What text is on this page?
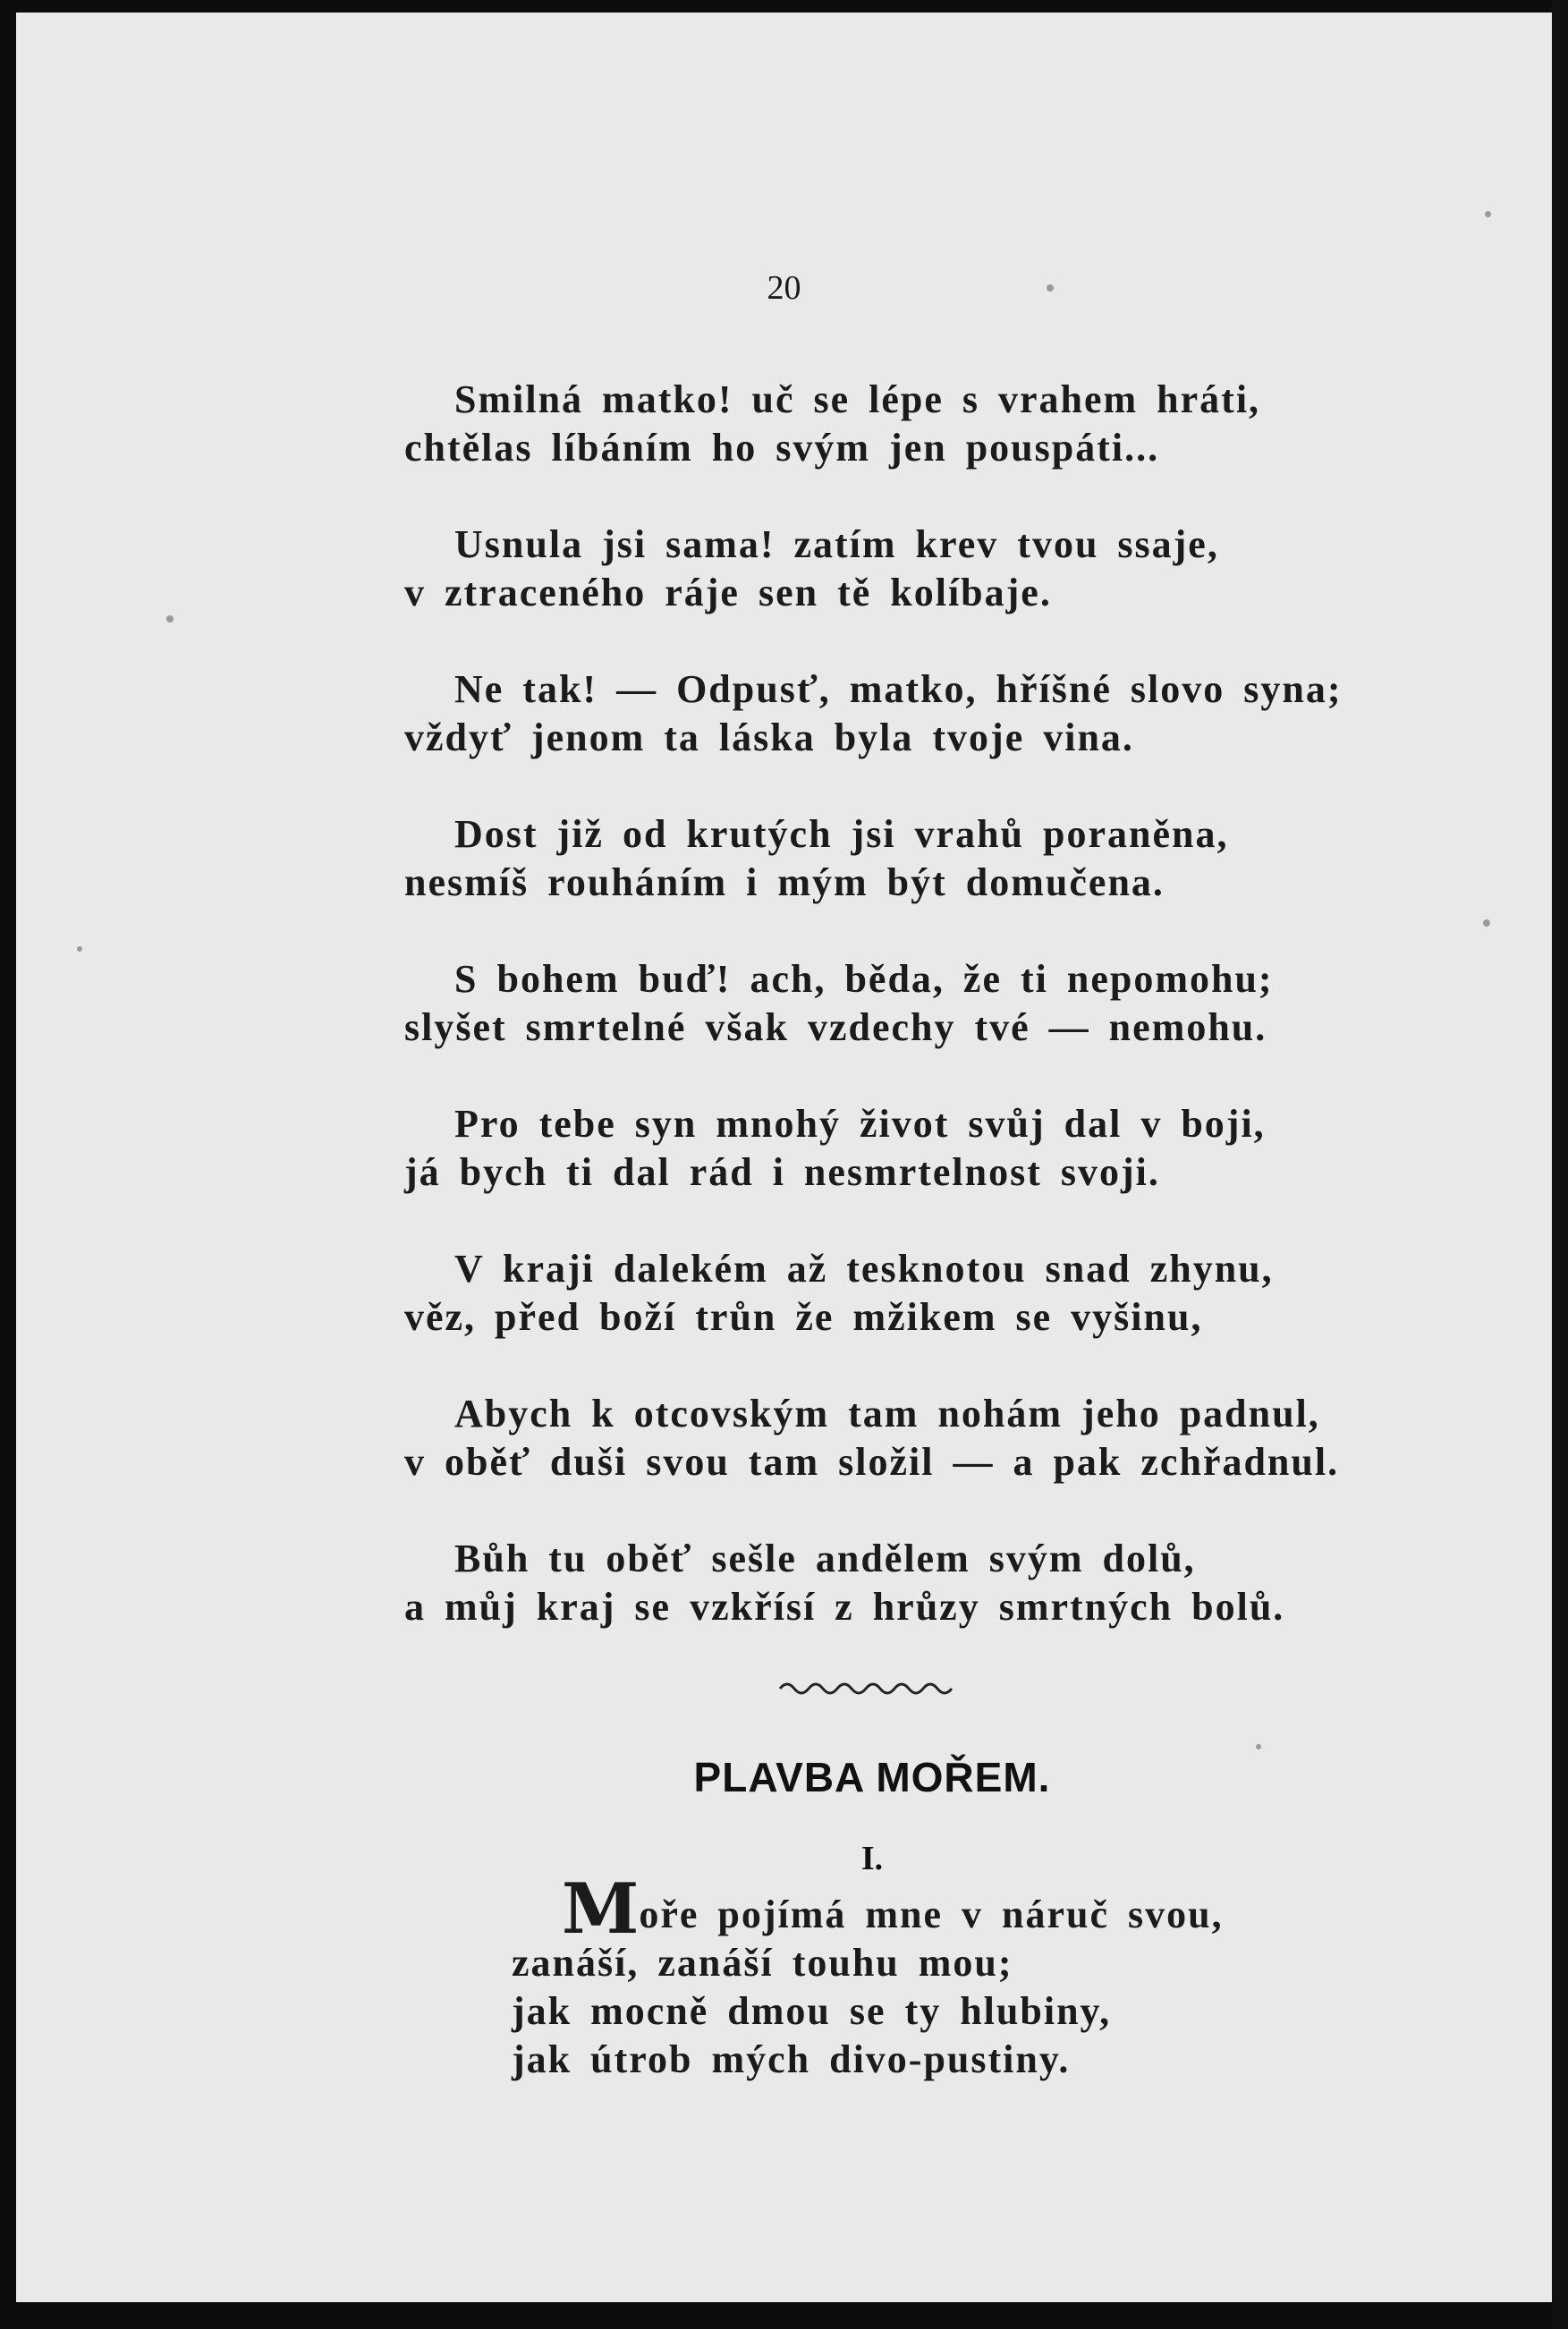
20
Smilná matko! uč se lépe s vrahem hráti,
chtělas líbáním ho svým jen pouspáti...
Usnula jsi sama! zatím krev tvou ssaje,
v ztraceného ráje sen tě kolíbaje.
Ne tak! — Odpusť, matko, hříšné slovo syna;
vždyť jenom ta láska byla tvoje vina.
Dost již od krutých jsi vrahů poraněna,
nesmíš rouháním i mým být domučena.
S bohem buď! ach, běda, že ti nepomohu;
slyšet smrtelné však vzdechy tvé — nemohu.
Pro tebe syn mnohý život svůj dal v boji,
já bych ti dal rád i nesmrtelnost svoji.
V kraji dalekém až tesknotou snad zhynu,
věz, před boží trůn že mžikem se vyšinu,
Abych k otcovským tam nohám jeho padnul,
v oběť duši svou tam složil — a pak zchřadnul.
Bůh tu oběť sešle andělem svým dolů,
a můj kraj se vzkřísí z hrůzy smrtných bolů.
PLAVBA MOŘEM.
I.
Moře pojímá mne v náruč svou,
zanáší, zanáší touhu mou;
jak mocně dmou se ty hlubiny,
jak útrob mých divo-pustiny.
